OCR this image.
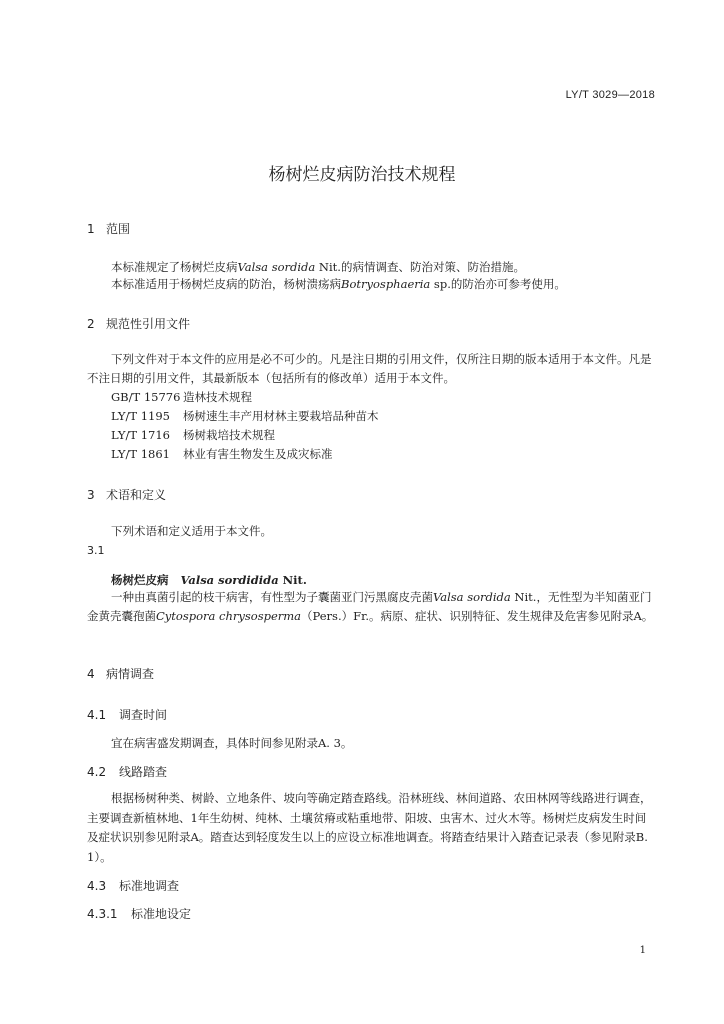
LY/T 3029—2018
杨树烂皮病防治技术规程
1 范围
本标准规定了杨树烂皮病Valsa sordida Nit.的病情调查、防治对策、防治措施。
本标准适用于杨树烂皮病的防治，杨树溃疡病Botryosphaeria sp.的防治亦可参考使用。
2 规范性引用文件
下列文件对于本文件的应用是必不可少的。凡是注日期的引用文件，仅所注日期的版本适用于本文件。凡是不注日期的引用文件，其最新版本（包括所有的修改单）适用于本文件。
GB/T 15776 造林技术规程
LY/T 1195 杨树速生丰产用材林主要栽培品种苗木
LY/T 1716 杨树栽培技术规程
LY/T 1861 林业有害生物发生及成灾标准
3 术语和定义
下列术语和定义适用于本文件。
3.1
杨树烂皮病 Valsa sordidida Nit.
一种由真菌引起的枝干病害，有性型为子囊菌亚门污黑腐皮壳菌Valsa sordida Nit.，无性型为半知菌亚门金黄壳囊孢菌Cytospora chrysosperma（Pers.）Fr.。病原、症状、识别特征、发生规律及危害参见附录A。
4 病情调查
4.1 调查时间
宜在病害盛发期调查，具体时间参见附录A. 3。
4.2 线路踏查
根据杨树种类、树龄、立地条件、坡向等确定踏查路线。沿林班线、林间道路、农田林网等线路进行调查，主要调查新植林地、1年生幼树、纯林、土壤贫瘠或粘重地带、阳坡、虫害木、过火木等。杨树烂皮病发生时间及症状识别参见附录A。踏查达到轻度发生以上的应设立标准地调查。将踏查结果计入踏查记录表（参见附录B. 1）。
4.3 标准地调查
4.3.1 标准地设定
1
